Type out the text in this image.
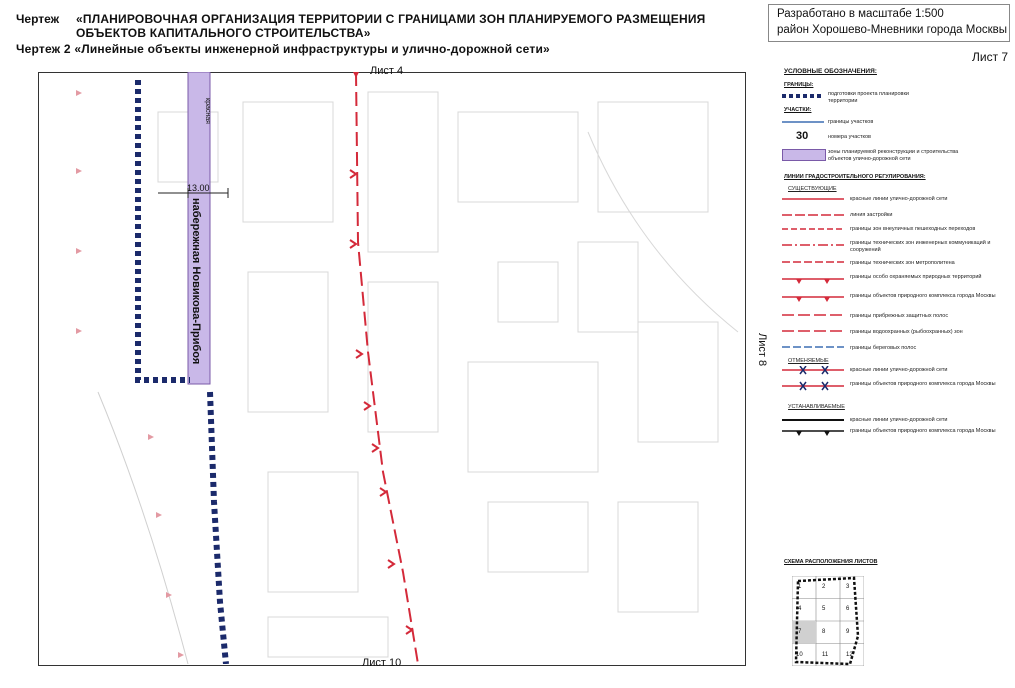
Чертеж «ПЛАНИРОВОЧНАЯ ОРГАНИЗАЦИЯ ТЕРРИТОРИИ С ГРАНИЦАМИ ЗОН ПЛАНИРУЕМОГО РАЗМЕЩЕНИЯ
ОБЪЕКТОВ КАПИТАЛЬНОГО СТРОИТЕЛЬСТВА»
Чертеж 2 «Линейные объекты инженерной инфраструктуры и улично-дорожной сети»
Разработано в масштабе 1:500
район Хорошево-Мневники города Москвы
Лист 7
Лист 4
Лист 10
Лист 8
набережная Новикова-Прибоя
красная
13.00
УСЛОВНЫЕ ОБОЗНАЧЕНИЯ:
ГРАНИЦЫ:
подготовки проекта планировки территории
УЧАСТКИ:
границы участков
30	номера участков
зоны планируемой реконструкции и строительства объектов улично-дорожной сети
ЛИНИИ ГРАДОСТРОИТЕЛЬНОГО РЕГУЛИРОВАНИЯ:
СУЩЕСТВУЮЩИЕ
красные линии улично-дорожной сети
линия застройки
границы зон внеуличных пешеходных переходов
границы технических зон инженерных коммуникаций и сооружений
границы технических зон метрополитена
границы особо охраняемых природных территорий
границы объектов природного комплекса города Москвы
границы прибрежных защитных полос
границы водоохранных (рыбоохранных) зон
границы береговых полос
ОТМЕНЯЕМЫЕ
красные линии улично-дорожной сети
границы объектов природного комплекса города Москвы
УСТАНАВЛИВАЕМЫЕ
красные линии улично-дорожной сети
границы объектов природного комплекса города Москвы
СХЕМА РАСПОЛОЖЕНИЯ ЛИСТОВ
1	2	3
4	5	6
7	8	9
10	11	12
